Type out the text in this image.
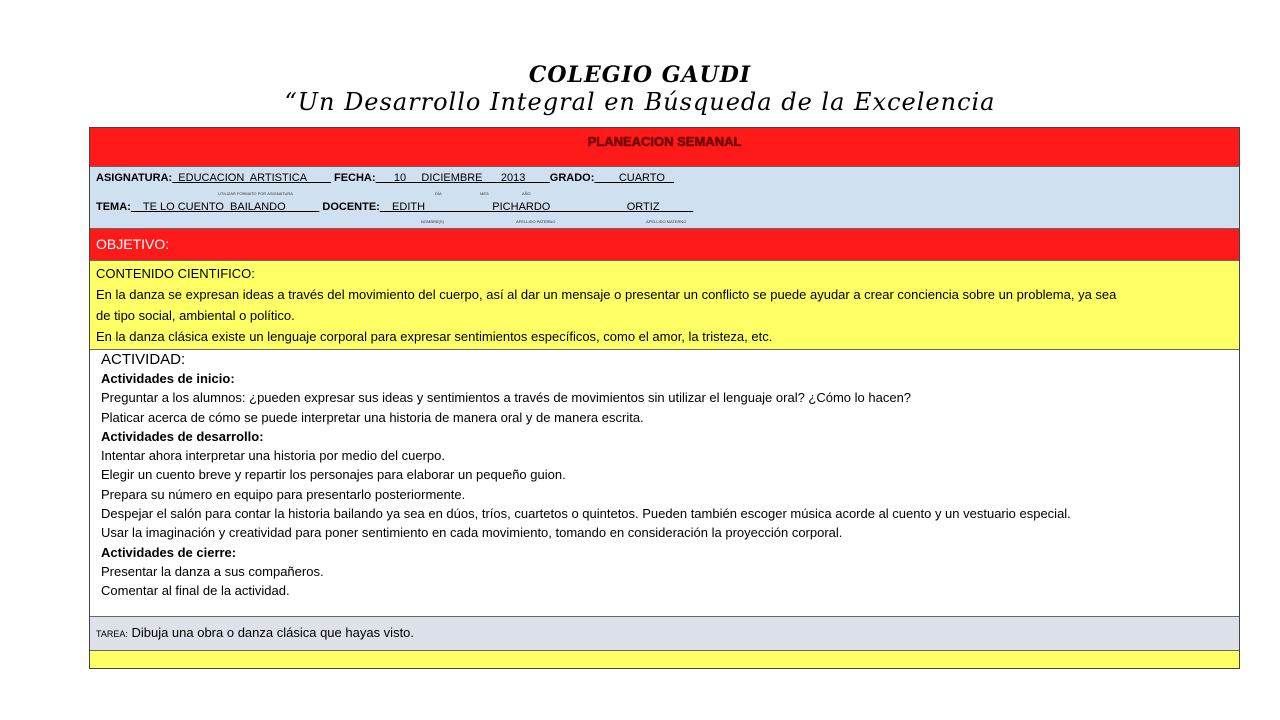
COLEGIO GAUDI
“Un Desarrollo Integral en Búsqueda de la Excelencia
PLANEACION SEMANAL
ASIGNATURA:  EDUCACION  ARTISTICA         FECHA:      10     DICIEMBRE      2013        GRADO:        CUARTO
UTILIZAR FORMATO POR ASIGNATURA	DÍA	MES	AÑO
TEMA:    TE LO CUENTO  BAILANDO            DOCENTE:    EDITH                      PICHARDO                         ORTIZ
NOMBRE(S)	APELLIDO PATERNO	APELLIDO MATERNO
OBJETIVO:
CONTENIDO CIENTIFICO:
En la danza se expresan ideas a través del movimiento del cuerpo, así al dar un mensaje o presentar un conflicto se puede ayudar a crear conciencia sobre un problema, ya sea
de tipo social, ambiental o político.
En la danza clásica existe un lenguaje corporal para expresar sentimientos específicos, como el amor, la tristeza, etc.
ACTIVIDAD:
Actividades de inicio:
Preguntar a los alumnos: ¿pueden expresar sus ideas y sentimientos a través de movimientos sin utilizar el lenguaje oral? ¿Cómo lo hacen?
Platicar acerca de cómo se puede interpretar una historia de manera oral y de manera escrita.
Actividades de desarrollo:
Intentar ahora interpretar una historia por medio del cuerpo.
Elegir un cuento breve y repartir los personajes para elaborar un pequeño guion.
Prepara su número en equipo para presentarlo posteriormente.
Despejar el salón para contar la historia bailando ya sea en dúos, tríos, cuartetos o quintetos. Pueden también escoger música acorde al cuento y un vestuario especial.
Usar la imaginación y creatividad para poner sentimiento en cada movimiento, tomando en consideración la proyección corporal.
Actividades de cierre:
Presentar la danza a sus compañeros.
Comentar al final de la actividad.
TAREA: Dibuja una obra o danza clásica que hayas visto.
